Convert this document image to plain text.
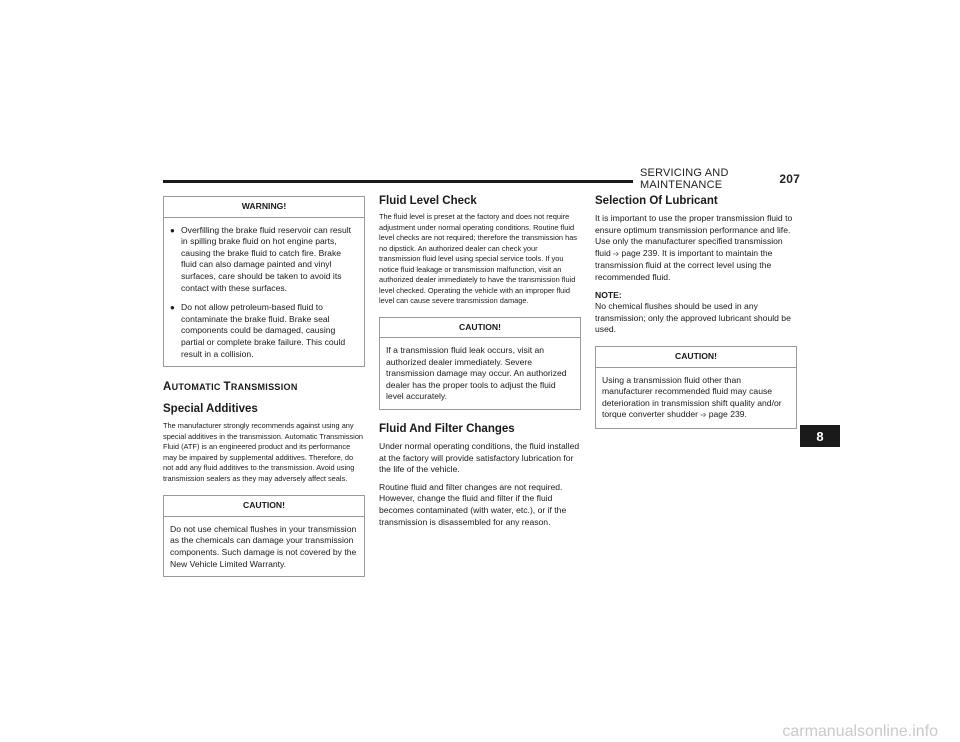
SERVICING AND MAINTENANCE	207
WARNING!
● Overfilling the brake fluid reservoir can result in spilling brake fluid on hot engine parts, causing the brake fluid to catch fire. Brake fluid can also damage painted and vinyl surfaces, care should be taken to avoid its contact with these surfaces.
● Do not allow petroleum-based fluid to contaminate the brake fluid. Brake seal components could be damaged, causing partial or complete brake failure. This could result in a collision.
AUTOMATIC TRANSMISSION
Special Additives

The manufacturer strongly recommends against using any special additives in the transmission. Automatic Transmission Fluid (ATF) is an engineered product and its performance may be impaired by supplemental additives. Therefore, do not add any fluid additives to the transmission. Avoid using transmission sealers as they may adversely affect seals.

CAUTION!
Do not use chemical flushes in your transmission as the chemicals can damage your transmission components. Such damage is not covered by the New Vehicle Limited Warranty.
Fluid Level Check

The fluid level is preset at the factory and does not require adjustment under normal operating conditions. Routine fluid level checks are not required; therefore the transmission has no dipstick. An authorized dealer can check your transmission fluid level using special service tools. If you notice fluid leakage or transmission malfunction, visit an authorized dealer immediately to have the transmission fluid level checked. Operating the vehicle with an improper fluid level can cause severe transmission damage.

CAUTION!
If a transmission fluid leak occurs, visit an authorized dealer immediately. Severe transmission damage may occur. An authorized dealer has the proper tools to adjust the fluid level accurately.
Fluid And Filter Changes

Under normal operating conditions, the fluid installed at the factory will provide satisfactory lubrication for the life of the vehicle.

Routine fluid and filter changes are not required. However, change the fluid and filter if the fluid becomes contaminated (with water, etc.), or if the transmission is disassembled for any reason.

Selection Of Lubricant

It is important to use the proper transmission fluid to ensure optimum transmission performance and life. Use only the manufacturer specified transmission fluid ➩ page 239. It is important to maintain the transmission fluid at the correct level using the recommended fluid.

NOTE:

No chemical flushes should be used in any transmission; only the approved lubricant should be used.

CAUTION!
Using a transmission fluid other than manufacturer recommended fluid may cause deterioration in transmission shift quality and/or torque converter shudder ➩ page 239.
8
carmanualsonline.info
